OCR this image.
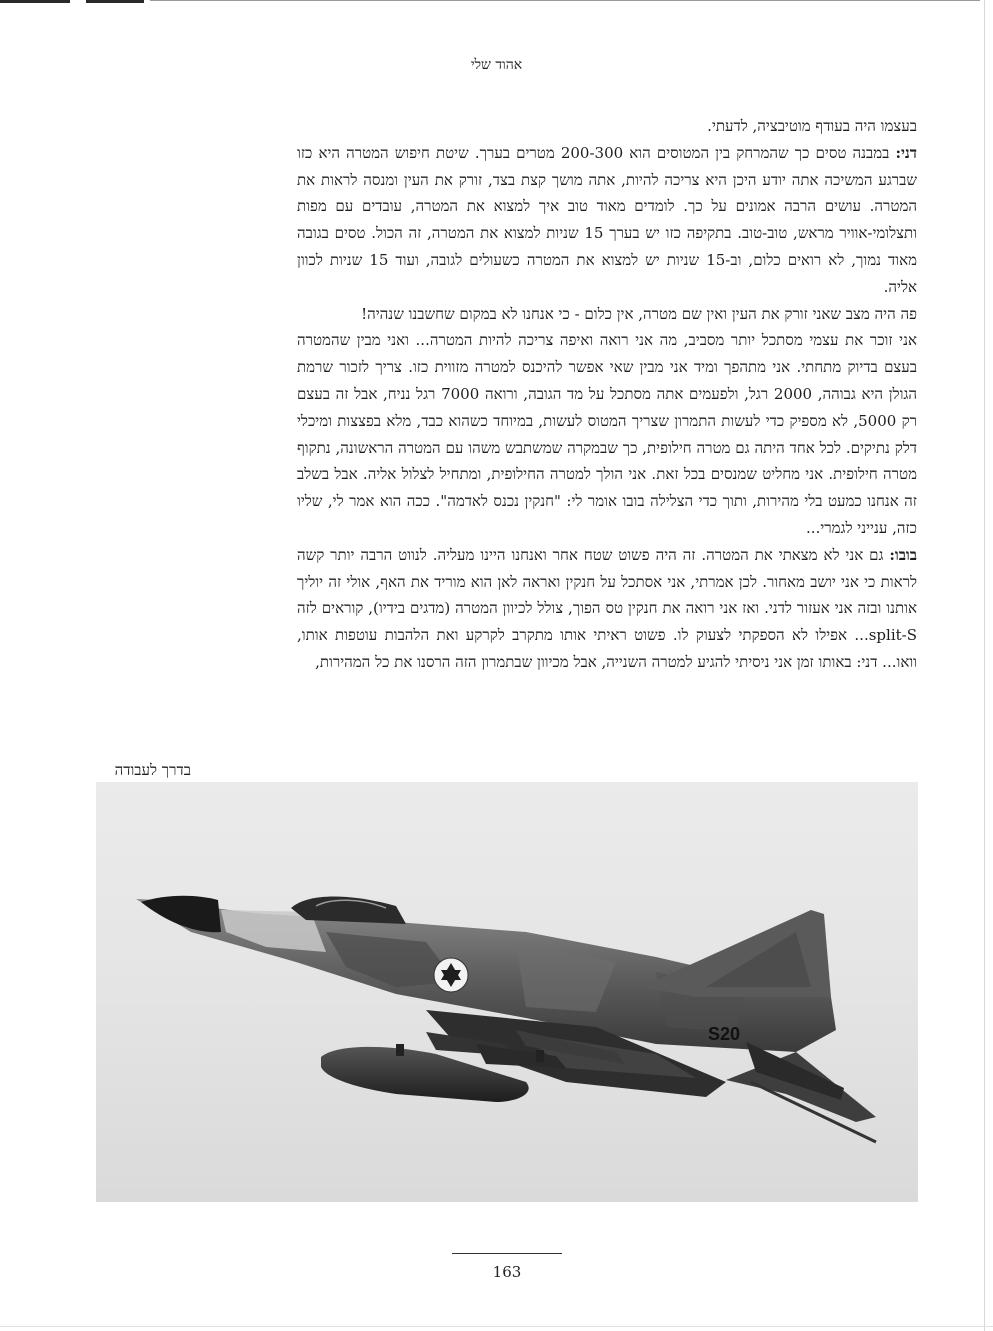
אהוד שלי

בעצמו היה בעודף מוטיבציה, לדעתי.

דני: במבנה טסים כך שהמרחק בין המטוסים הוא 200-300 מטרים בערך. שיטת חיפוש המטרה היא כזו שברגע המשיכה אתה יודע היכן היא צריכה להיות, אתה מושך קצת בצד, זורק את העין ומנסה לראות את המטרה. עושים הרבה אמונים על כך. לומדים מאוד טוב איך למצוא את המטרה, עובדים עם מפות ותצלומי-אוויר מראש, טוב-טוב. בתקיפה כזו יש בערך 15 שניות למצוא את המטרה, זה הכול. טסים בגובה מאוד נמוך, לא רואים כלום, וב-15 שניות יש למצוא את המטרה כשעולים לגובה, ועוד 15 שניות לכוון אליה.

פה היה מצב שאני זורק את העין ואין שם מטרה, אין כלום - כי אנחנו לא במקום שחשבנו שנהיה!

אני זוכר את עצמי מסתכל יותר מסביב, מה אני רואה ואיפה צריכה להיות המטרה... ואני מבין שהמטרה בעצם בדיוק מתחתי. אני מתהפך ומיד אני מבין שאי אפשר להיכנס למטרה מזווית כזו. צריך לזכור שרמת הגולן היא גבוהה, 2000 רגל, ולפעמים אתה מסתכל על מד הגובה, ורואה 7000 רגל נניח, אבל זה בעצם רק 5000, לא מספיק כדי לעשות התמרון שצריך המטוס לעשות, במיוחד כשהוא כבד, מלא בפצצות ומיכלי דלק נתיקים. לכל אחד היתה גם מטרה חילופית, כך שבמקרה שמשתבש משהו עם המטרה הראשונה, נתקוף מטרה חילופית. אני מחליט שמנסים בכל זאת. אני הולך למטרה החילופית, ומתחיל לצלול אליה. אבל בשלב זה אנחנו כמעט בלי מהירות, ותוך כדי הצלילה בובו אומר לי: "חנקין נכנס לאדמה". ככה הוא אמר לי, שליו כזה, ענייני לגמרי...

בובו: גם אני לא מצאתי את המטרה. זה היה פשוט שטח אחר ואנחנו היינו מעליה. לנווט הרבה יותר קשה לראות כי אני יושב מאחור. לכן אמרתי, אני אסתכל על חנקין ואראה לאן הוא מוריד את האף, אולי זה יוליך אותנו ובזה אני אעזור לדני. ואז אני רואה את חנקין טס הפוך, צולל לכיוון המטרה (מדגים בידיו), קוראים לזה split-S... אפילו לא הספקתי לצעוק לו. פשוט ראיתי אותו מתקרב לקרקע ואת הלהבות עוטפות אותו, וואו... דני: באותו זמן אני ניסיתי להגיע למטרה השנייה, אבל מכיוון שבתמרון הזה הרסנו את כל המהירות,

בדרך לעבודה
S20
163
